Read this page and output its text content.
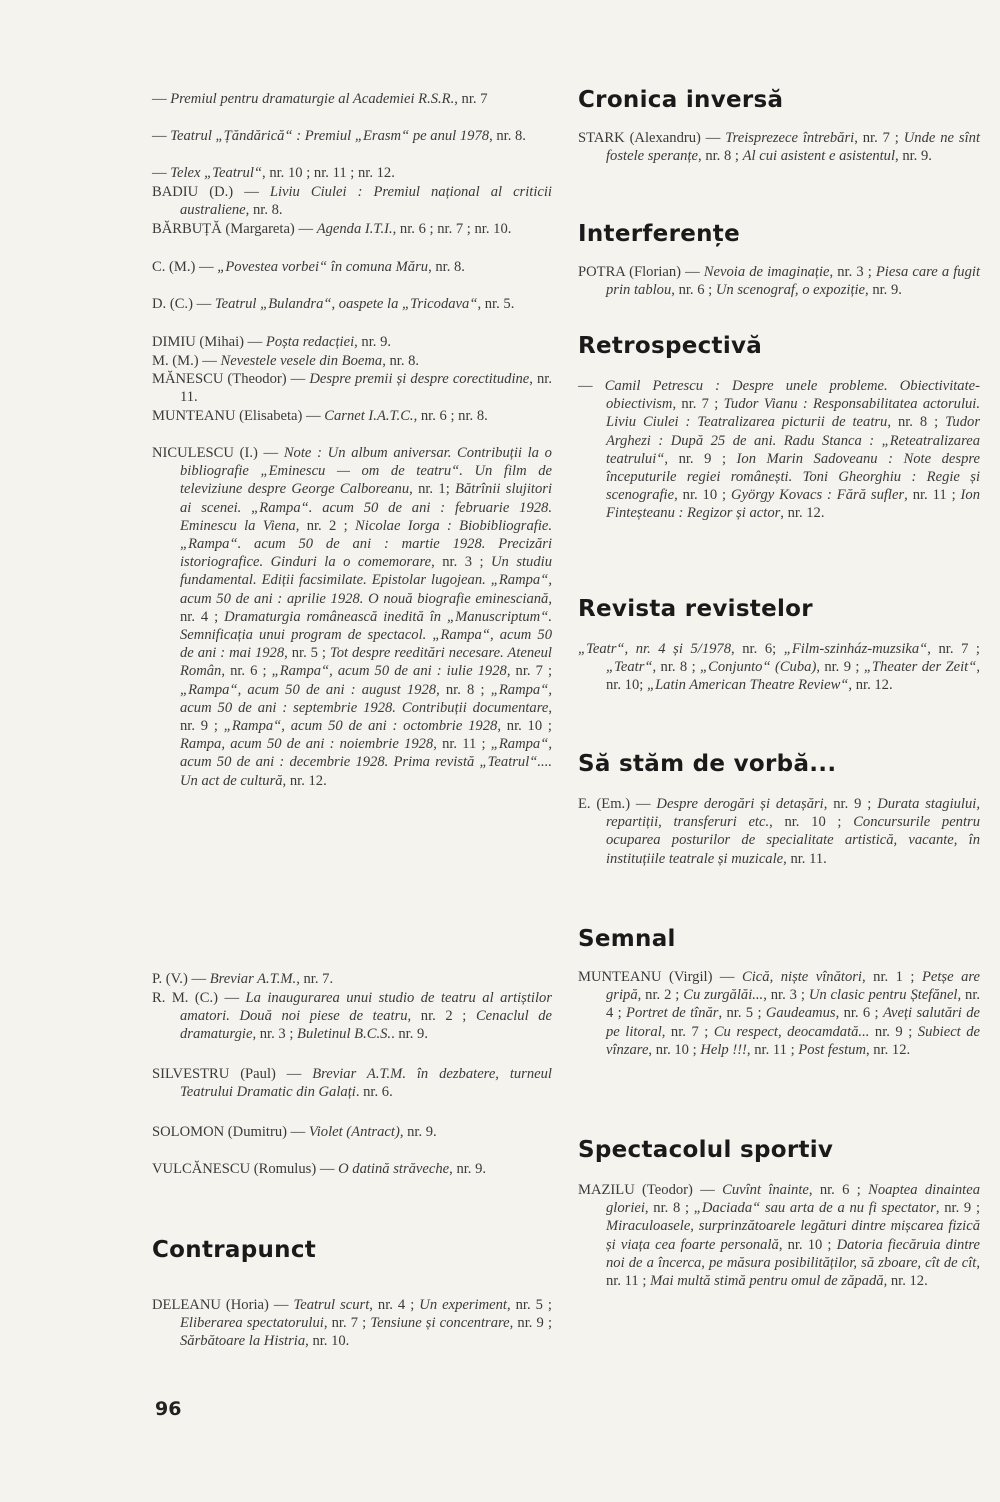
— Premiul pentru dramaturgie al Academiei R.S.R., nr. 7
— Teatrul „Țăndărică“ : Premiul „Erasm“ pe anul 1978, nr. 8.
— Telex „Teatrul“, nr. 10 ; nr. 11 ; nr. 12.
BADIU (D.) — Liviu Ciulei : Premiul național al criticii australiene, nr. 8.
BĂRBUȚĂ (Margareta) — Agenda I.T.I., nr. 6 ; nr. 7 ; nr. 10.
C. (M.) — „Povestea vorbei“ în comuna Măru, nr. 8.
D. (C.) — Teatrul „Bulandra“, oaspete la „Tricodava“, nr. 5.
DIMIU (Mihai) — Poșta redacției, nr. 9.
M. (M.) — Nevestele vesele din Boema, nr. 8.
MĂNESCU (Theodor) — Despre premii și despre corectitudine, nr. 11.
MUNTEANU (Elisabeta) — Carnet I.A.T.C., nr. 6 ; nr. 8.
NICULESCU (I.) — Note : Un album aniversar. Contribuții la o bibliografie „Eminescu — om de teatru“. Un film de televiziune despre George Calboreanu, nr. 1; Bătrînii slujitori ai scenei. „Rampa“. acum 50 de ani : februarie 1928. Eminescu la Viena, nr. 2 ; Nicolae Iorga : Biobibliografie. „Rampa“. acum 50 de ani : martie 1928. Precizări istoriografice. Ginduri la o comemorare, nr. 3 ; Un studiu fundamental. Ediții facsimilate. Epistolar lugojean. „Rampa“, acum 50 de ani : aprilie 1928. O nouă biografie eminesciană, nr. 4 ; Dramaturgia românească inedită în „Manuscriptum“. Semnificația unui program de spectacol. „Rampa“, acum 50 de ani : mai 1928, nr. 5 ; Tot despre reeditări necesare. Ateneul Român, nr. 6 ; „Rampa“, acum 50 de ani : iulie 1928, nr. 7 ; „Rampa“, acum 50 de ani : august 1928, nr. 8 ; „Rampa“, acum 50 de ani : septembrie 1928. Contribuții documentare, nr. 9 ; „Rampa“, acum 50 de ani : octombrie 1928, nr. 10 ; Rampa, acum 50 de ani : noiembrie 1928, nr. 11 ; „Rampa“, acum 50 de ani : decembrie 1928. Prima revistă „Teatrul“.... Un act de cultură, nr. 12.
P. (V.) — Breviar A.T.M., nr. 7.
R. M. (C.) — La inaugurarea unui studio de teatru al artiștilor amatori. Două noi piese de teatru, nr. 2 ; Cenaclul de dramaturgie, nr. 3 ; Buletinul B.C.S.. nr. 9.
SILVESTRU (Paul) — Breviar A.T.M. în dezbatere, turneul Teatrului Dramatic din Galați. nr. 6.
SOLOMON (Dumitru) — Violet (Antract), nr. 9.
VULCĂNESCU (Romulus) — O datină străveche, nr. 9.
Contrapunct
DELEANU (Horia) — Teatrul scurt, nr. 4 ; Un experiment, nr. 5 ; Eliberarea spectatorului, nr. 7 ; Tensiune și concentrare, nr. 9 ; Sărbătoare la Histria, nr. 10.
Cronica inversă
STARK (Alexandru) — Treisprezece întrebări, nr. 7 ; Unde ne sînt fostele speranțe, nr. 8 ; Al cui asistent e asistentul, nr. 9.
Interferențe
POTRA (Florian) — Nevoia de imaginație, nr. 3 ; Piesa care a fugit prin tablou, nr. 6 ; Un scenograf, o expoziție, nr. 9.
Retrospectivă
— Camil Petrescu : Despre unele probleme. Obiectivitate-obiectivism, nr. 7 ; Tudor Vianu : Responsabilitatea actorului. Liviu Ciulei : Teatralizarea picturii de teatru, nr. 8 ; Tudor Arghezi : După 25 de ani. Radu Stanca : „Reteatralizarea teatrului“, nr. 9 ; Ion Marin Sadoveanu : Note despre începuturile regiei românești. Toni Gheorghiu : Regie și scenografie, nr. 10 ; György Kovacs : Fără sufler, nr. 11 ; Ion Finteșteanu : Regizor și actor, nr. 12.
Revista revistelor
„Teatr“, nr. 4 și 5/1978, nr. 6; „Film-szinház-muzsika“, nr. 7 ; „Teatr“, nr. 8 ; „Conjunto“ (Cuba), nr. 9 ; „Theater der Zeit“, nr. 10; „Latin American Theatre Review“, nr. 12.
Să stăm de vorbă...
E. (Em.) — Despre derogări și detașări, nr. 9 ; Durata stagiului, repartiții, transferuri etc., nr. 10 ; Concursurile pentru ocuparea posturilor de specialitate artistică, vacante, în instituțiile teatrale și muzicale, nr. 11.
Semnal
MUNTEANU (Virgil) — Cică, niște vînători, nr. 1 ; Petșe are gripă, nr. 2 ; Cu zurgălăi..., nr. 3 ; Un clasic pentru Ștefănel, nr. 4 ; Portret de tînăr, nr. 5 ; Gaudeamus, nr. 6 ; Aveți salutări de pe litoral, nr. 7 ; Cu respect, deocamdată... nr. 9 ; Subiect de vînzare, nr. 10 ; Help !!!, nr. 11 ; Post festum, nr. 12.
Spectacolul sportiv
MAZILU (Teodor) — Cuvînt înainte, nr. 6 ; Noaptea dinaintea gloriei, nr. 8 ; „Daciada“ sau arta de a nu fi spectator, nr. 9 ; Miraculoasele, surprinzătoarele legături dintre mișcarea fizică și viața cea foarte personală, nr. 10 ; Datoria fiecăruia dintre noi de a încerca, pe măsura posibilităților, să zboare, cît de cît, nr. 11 ; Mai multă stimă pentru omul de zăpadă, nr. 12.
96
